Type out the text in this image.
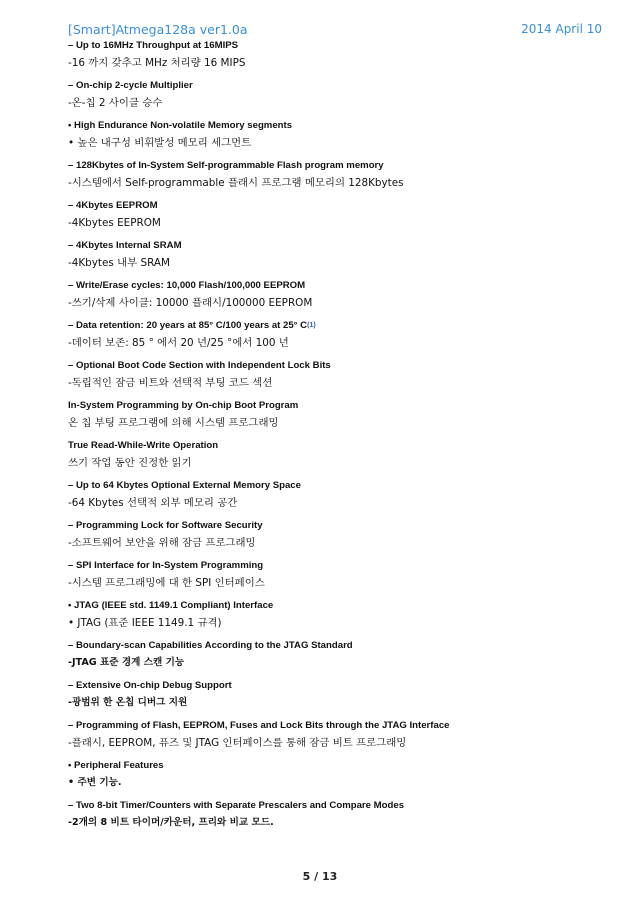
[Smart]Atmega128a ver1.0a	2014 April 10
– Up to 16MHz Throughput at 16MIPS
-16 까지 갖추고 MHz 처리량 16 MIPS
– On-chip 2-cycle Multiplier
-온-칩 2 사이클 승수
• High Endurance Non-volatile Memory segments
• 높은 내구성 비휘발성 메모리 세그먼트
– 128Kbytes of In-System Self-programmable Flash program memory
-시스템에서 Self-programmable 플래시 프로그램 메모리의 128Kbytes
– 4Kbytes EEPROM
-4Kbytes EEPROM
– 4Kbytes Internal SRAM
-4Kbytes 내부 SRAM
– Write/Erase cycles: 10,000 Flash/100,000 EEPROM
-쓰기/삭제 사이클: 10000 플래시/100000 EEPROM
– Data retention: 20 years at 85° C/100 years at 25° C(1)
-데이터 보존: 85 ° 에서 20 년/25 °에서 100 년
– Optional Boot Code Section with Independent Lock Bits
-독립적인 잠금 비트와 선택적 부팅 코드 섹션
In-System Programming by On-chip Boot Program
온 칩 부팅 프로그램에 의해 시스템 프로그래밍
True Read-While-Write Operation
쓰기 작업 동안 진정한 읽기
– Up to 64 Kbytes Optional External Memory Space
-64 Kbytes 선택적 외부 메모리 공간
– Programming Lock for Software Security
-소프트웨어 보안을 위해 잠금 프로그래밍
– SPI Interface for In-System Programming
-시스템 프로그래밍에 대 한 SPI 인터페이스
• JTAG (IEEE std. 1149.1 Compliant) Interface
• JTAG (표준 IEEE 1149.1 규격)
– Boundary-scan Capabilities According to the JTAG Standard
-JTAG 표준 경계 스캔 기능
– Extensive On-chip Debug Support
-광범위 한 온칩 디버그 지원
– Programming of Flash, EEPROM, Fuses and Lock Bits through the JTAG Interface
-플래시, EEPROM, 퓨즈 및 JTAG 인터페이스를 통해 잠금 비트 프로그래밍
• Peripheral Features
• 주변 기능.
– Two 8-bit Timer/Counters with Separate Prescalers and Compare Modes
-2개의 8 비트 타이머/카운터, 프리와 비교 모드.
5 / 13
